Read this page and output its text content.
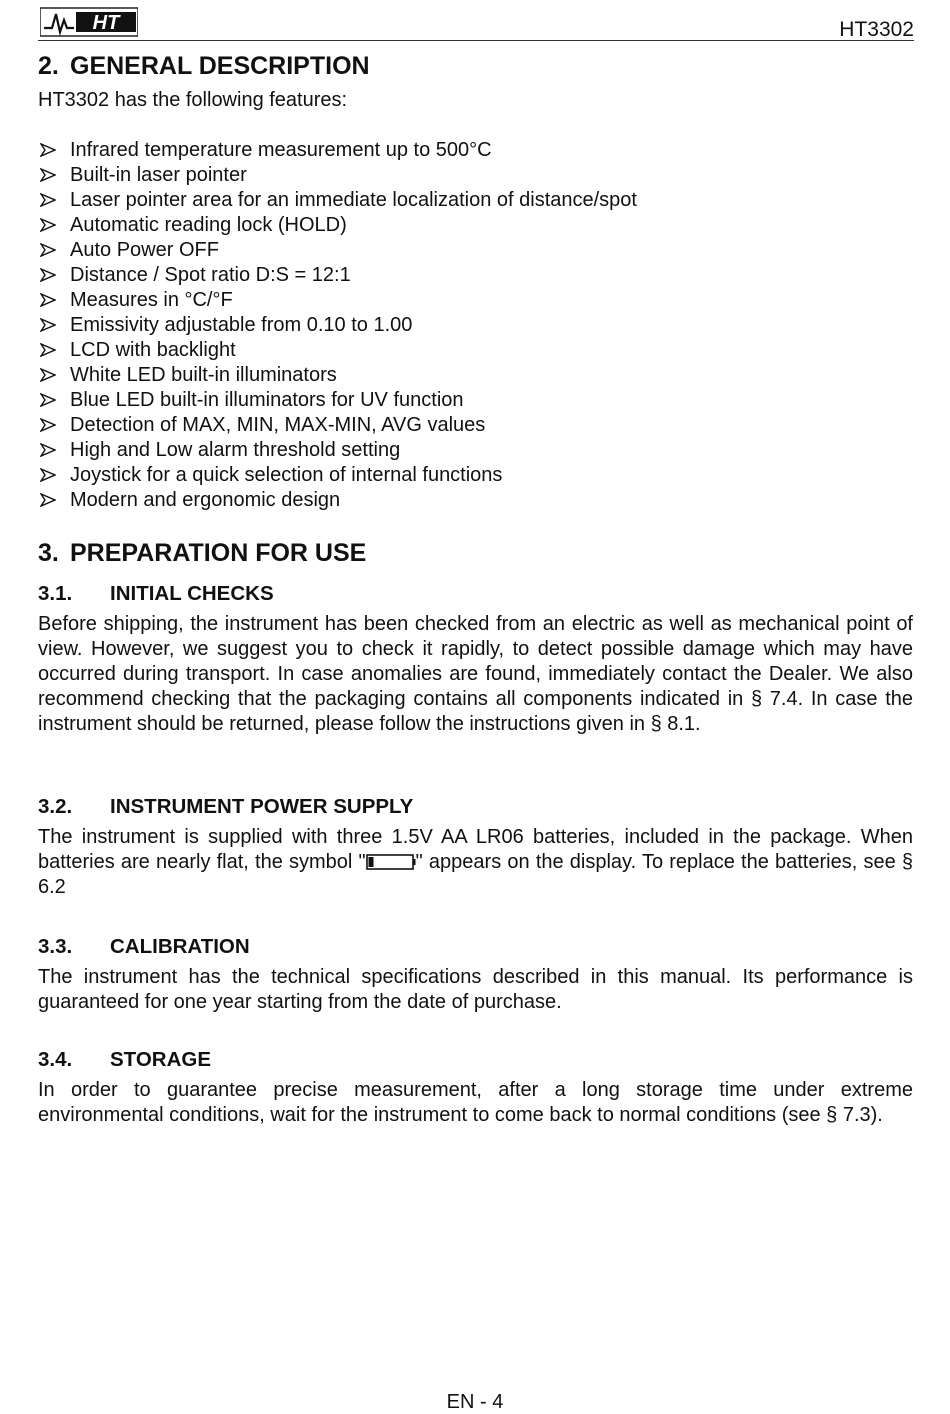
HT	HT3302
2. GENERAL DESCRIPTION

HT3302 has the following features:

Infrared temperature measurement up to 500°C
Built-in laser pointer
Laser pointer area for an immediate localization of distance/spot
Automatic reading lock (HOLD)
Auto Power OFF
Distance / Spot ratio D:S = 12:1
Measures in °C/°F
Emissivity adjustable from 0.10 to 1.00
LCD with backlight
White LED built-in illuminators
Blue LED built-in illuminators for UV function
Detection of MAX, MIN, MAX-MIN, AVG values
High and Low alarm threshold setting
Joystick for a quick selection of internal functions
Modern and ergonomic design
3. PREPARATION FOR USE
3.1. INITIAL CHECKS

Before shipping, the instrument has been checked from an electric as well as mechanical point of view. However, we suggest you to check it rapidly, to detect possible damage which may have occurred during transport. In case anomalies are found, immediately contact the Dealer. We also recommend checking that the packaging contains all components indicated in § 7.4. In case the instrument should be returned, please follow the instructions given in § 8.1.

3.2. INSTRUMENT POWER SUPPLY

The instrument is supplied with three 1.5V AA LR06 batteries, included in the package. When batteries are nearly flat, the symbol "	" appears on the display. To replace the batteries, see § 6.2

3.3. CALIBRATION

The instrument has the technical specifications described in this manual. Its performance is guaranteed for one year starting from the date of purchase.

3.4. STORAGE

In order to guarantee precise measurement, after a long storage time under extreme environmental conditions, wait for the instrument to come back to normal conditions (see § 7.3).

EN - 4
